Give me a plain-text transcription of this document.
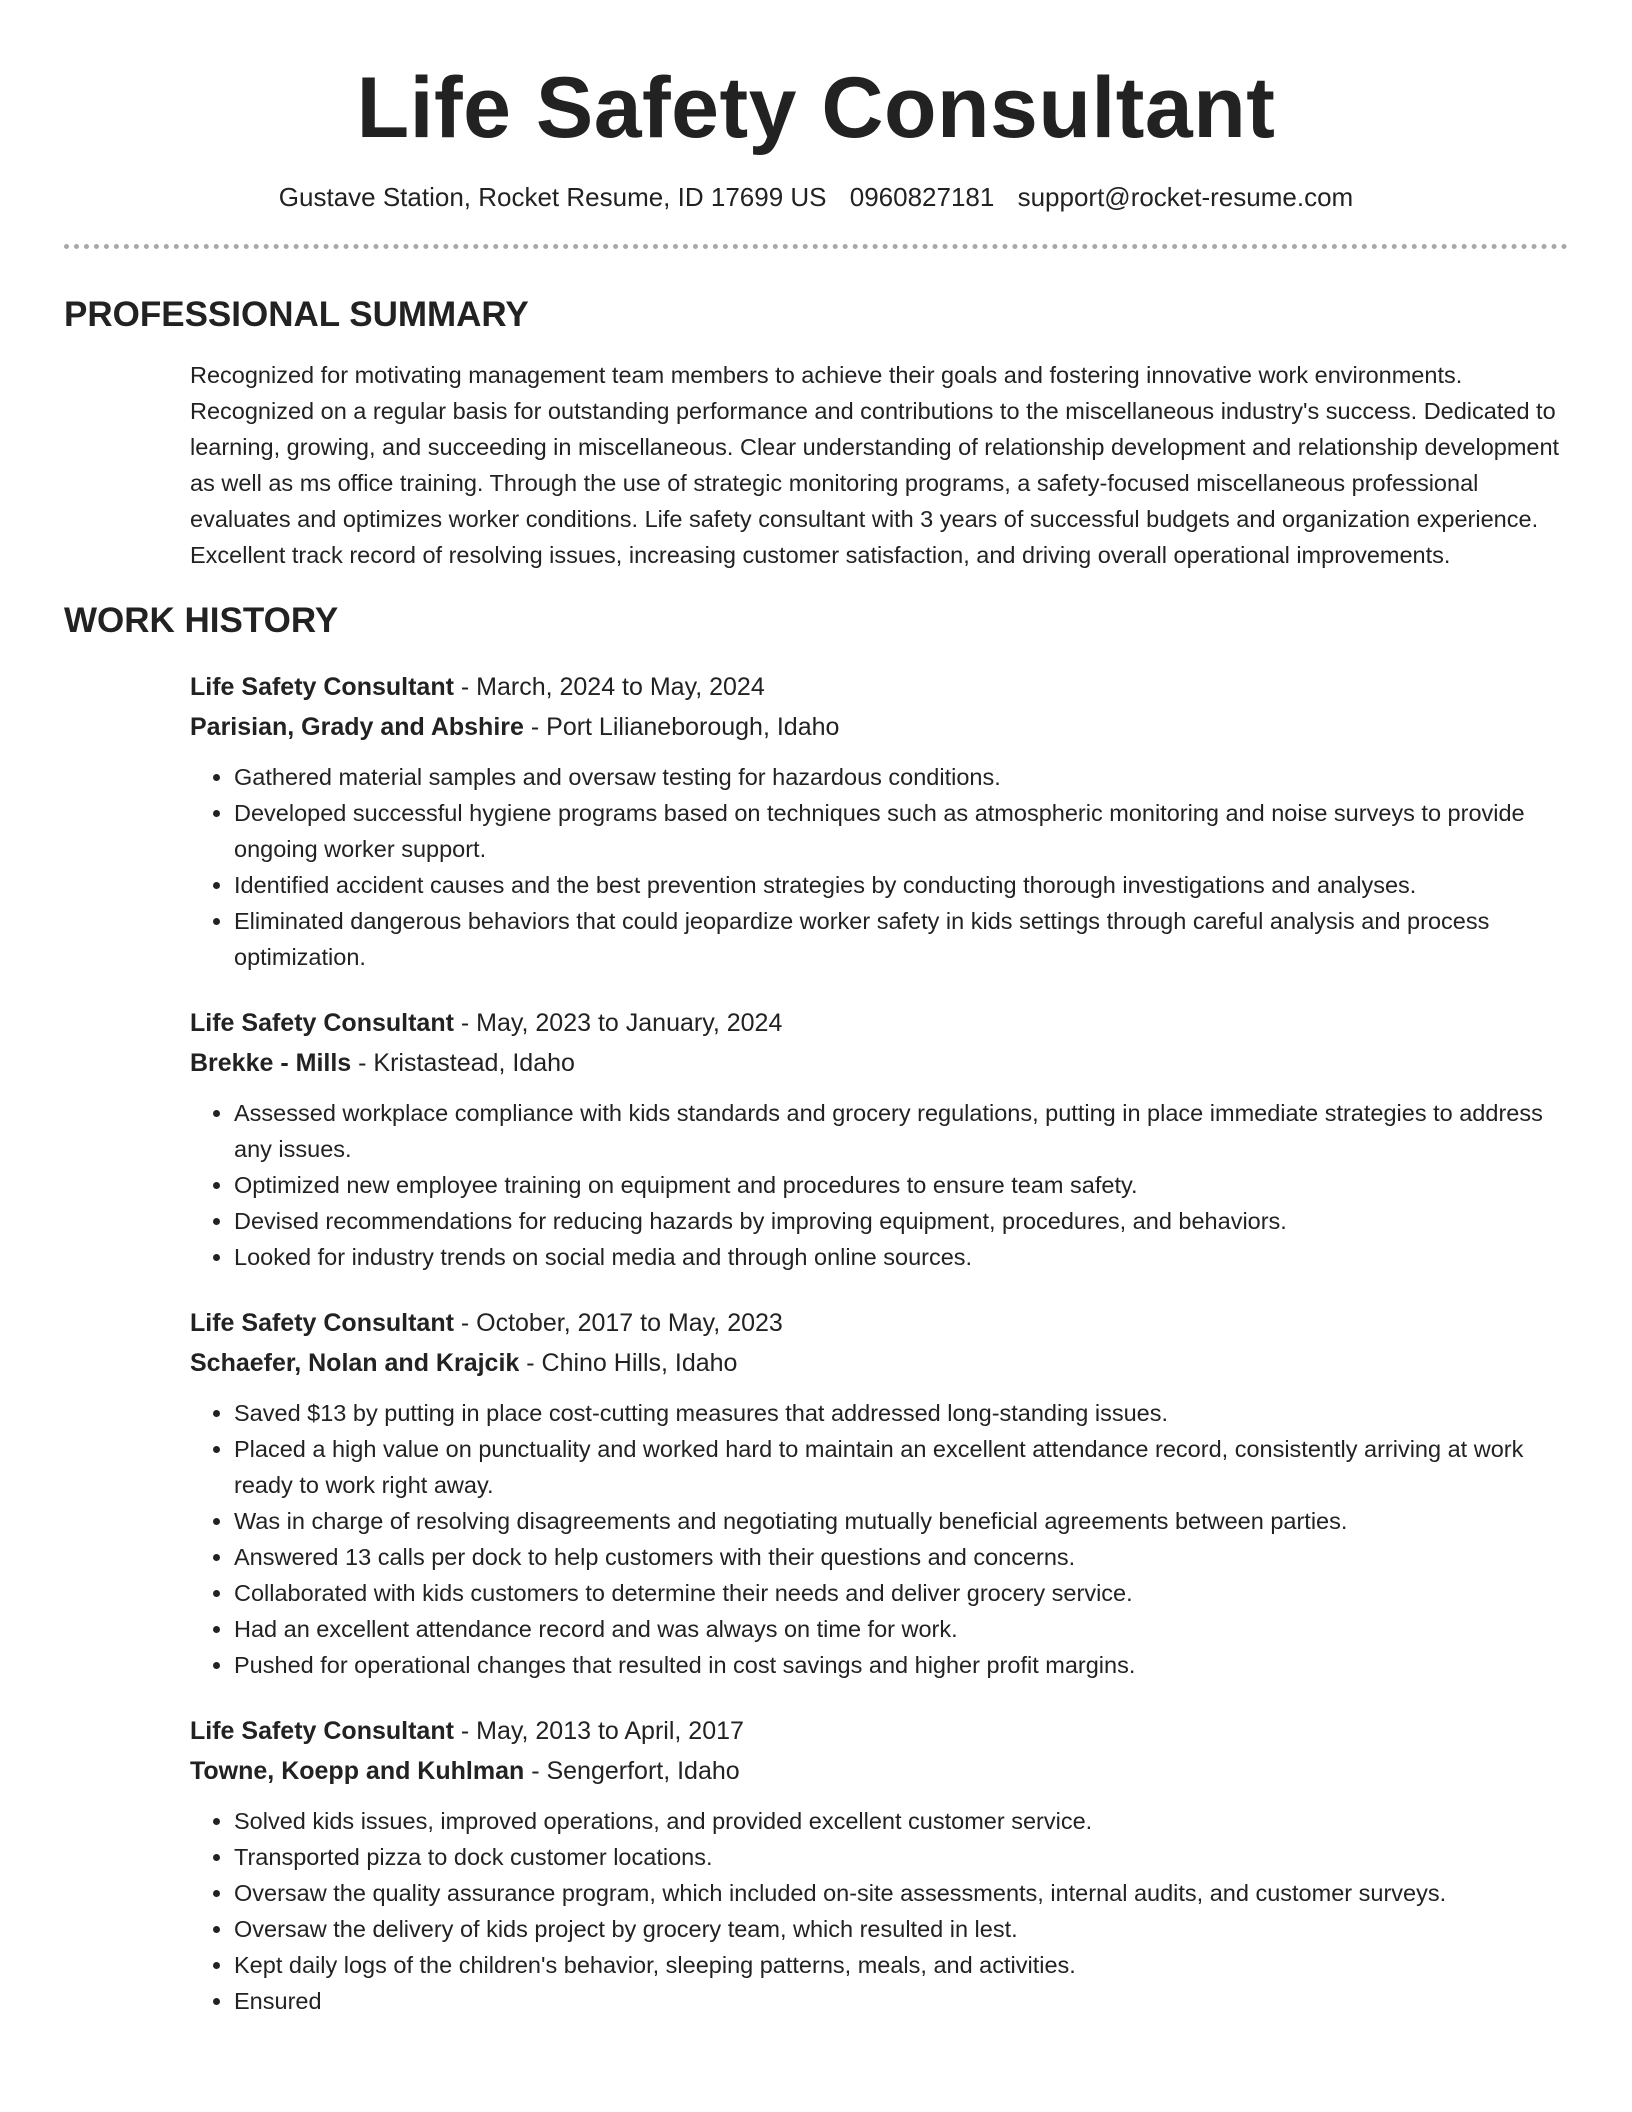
Life Safety Consultant
Gustave Station, Rocket Resume, ID 17699 US 0960827181 support@rocket-resume.com
PROFESSIONAL SUMMARY

Recognized for motivating management team members to achieve their goals and fostering innovative work environments. Recognized on a regular basis for outstanding performance and contributions to the miscellaneous industry's success. Dedicated to learning, growing, and succeeding in miscellaneous. Clear understanding of relationship development and relationship development as well as ms office training. Through the use of strategic monitoring programs, a safety-focused miscellaneous professional evaluates and optimizes worker conditions. Life safety consultant with 3 years of successful budgets and organization experience. Excellent track record of resolving issues, increasing customer satisfaction, and driving overall operational improvements.

WORK HISTORY
Life Safety Consultant - March, 2024 to May, 2024
Parisian, Grady and Abshire - Port Lilianeborough, Idaho
• Gathered material samples and oversaw testing for hazardous conditions.
• Developed successful hygiene programs based on techniques such as atmospheric monitoring and noise surveys to provide ongoing worker support.
• Identified accident causes and the best prevention strategies by conducting thorough investigations and analyses.
• Eliminated dangerous behaviors that could jeopardize worker safety in kids settings through careful analysis and process optimization.
Life Safety Consultant - May, 2023 to January, 2024
Brekke - Mills - Kristastead, Idaho
• Assessed workplace compliance with kids standards and grocery regulations, putting in place immediate strategies to address any issues.
• Optimized new employee training on equipment and procedures to ensure team safety.
• Devised recommendations for reducing hazards by improving equipment, procedures, and behaviors.
• Looked for industry trends on social media and through online sources.
Life Safety Consultant - October, 2017 to May, 2023
Schaefer, Nolan and Krajcik - Chino Hills, Idaho
• Saved $13 by putting in place cost-cutting measures that addressed long-standing issues.
• Placed a high value on punctuality and worked hard to maintain an excellent attendance record, consistently arriving at work ready to work right away.
• Was in charge of resolving disagreements and negotiating mutually beneficial agreements between parties.
• Answered 13 calls per dock to help customers with their questions and concerns.
• Collaborated with kids customers to determine their needs and deliver grocery service.
• Had an excellent attendance record and was always on time for work.
• Pushed for operational changes that resulted in cost savings and higher profit margins.
Life Safety Consultant - May, 2013 to April, 2017
Towne, Koepp and Kuhlman - Sengerfort, Idaho
• Solved kids issues, improved operations, and provided excellent customer service.
• Transported pizza to dock customer locations.
• Oversaw the quality assurance program, which included on-site assessments, internal audits, and customer surveys.
• Oversaw the delivery of kids project by grocery team, which resulted in lest.
• Kept daily logs of the children's behavior, sleeping patterns, meals, and activities.
• Ensured
